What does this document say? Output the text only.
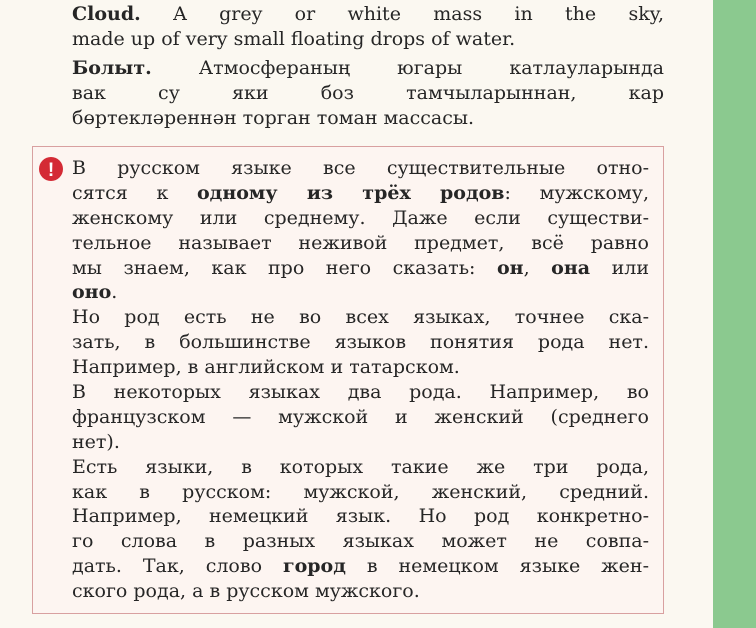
Cloud. A grey or white mass in the sky,
made up of very small floating drops of water.
Болыт. Атмосфераның югары катлауларында
вак су яки боз тамчыларыннан, кар
бөртекләреннән торган томан массасы.
! В русском языке все существительные отно-
сятся к одному из трёх родов: мужскому,
женскому или среднему. Даже если существи-
тельное называет неживой предмет, всё равно
мы знаем, как про него сказать: он, она или
оно.
Но род есть не во всех языках, точнее ска-
зать, в большинстве языков понятия рода нет.
Например, в английском и татарском.
В некоторых языках два рода. Например, во
французском — мужской и женский (среднего
нет).
Есть языки, в которых такие же три рода,
как в русском: мужской, женский, средний.
Например, немецкий язык. Но род конкретно-
го слова в разных языках может не совпа-
дать. Так, слово город в немецком языке жен-
ского рода, а в русском мужского.
